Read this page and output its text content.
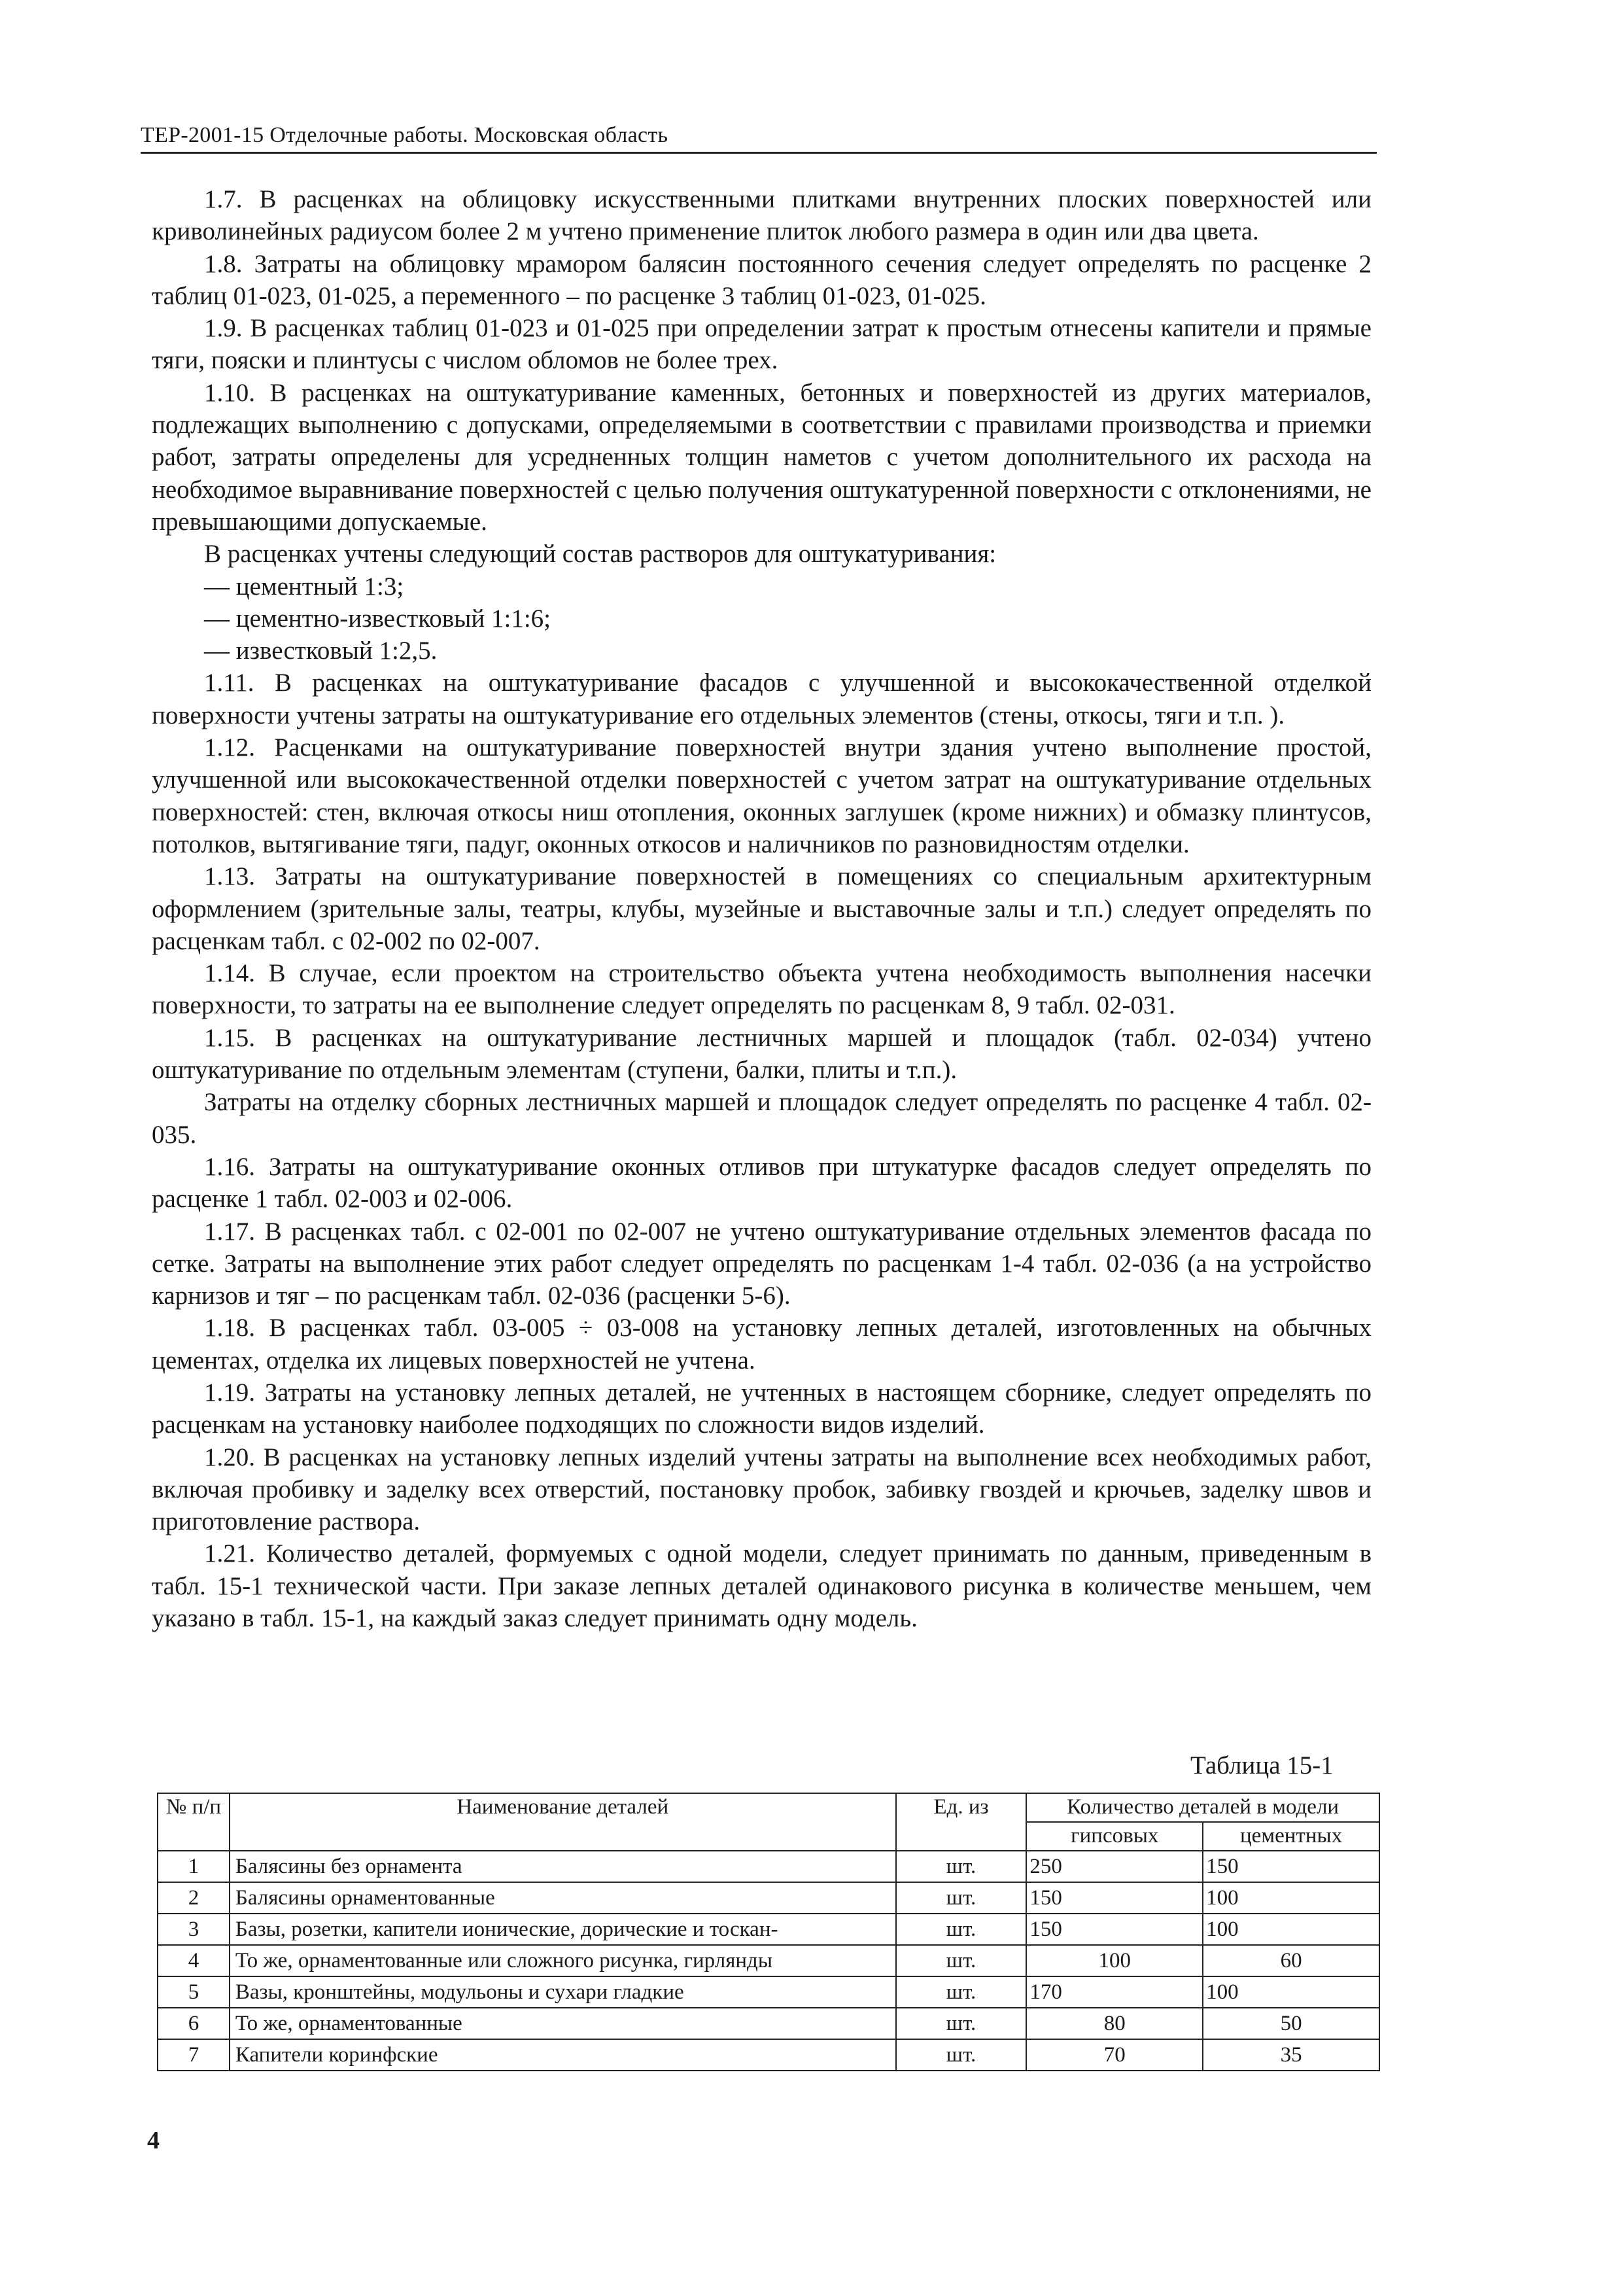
ТЕР-2001-15 Отделочные работы. Московская область

1.7. В расценках на облицовку искусственными плитками внутренних плоских поверхностей или криволинейных радиусом более 2 м учтено применение плиток любого размера в один или два цвета.

1.8. Затраты на облицовку мрамором балясин постоянного сечения следует определять по расценке 2 таблиц 01-023, 01-025, а переменного – по расценке 3 таблиц 01-023, 01-025.

1.9. В расценках таблиц 01-023 и 01-025 при определении затрат к простым отнесены капители и прямые тяги, пояски и плинтусы с числом обломов не более трех.

1.10. В расценках на оштукатуривание каменных, бетонных и поверхностей из других материалов, подлежащих выполнению с допусками, определяемыми в соответствии с правилами производства и приемки работ, затраты определены для усредненных толщин наметов с учетом дополнительного их расхода на необходимое выравнивание поверхностей с целью получения оштукатуренной поверхности с отклонениями, не превышающими допускаемые.

В расценках учтены следующий состав растворов для оштукатуривания:

— цементный 1:3;

— цементно-известковый 1:1:6;

— известковый 1:2,5.

1.11. В расценках на оштукатуривание фасадов с улучшенной и высококачественной отделкой поверхности учтены затраты на оштукатуривание его отдельных элементов (стены, откосы, тяги и т.п. ).

1.12. Расценками на оштукатуривание поверхностей внутри здания учтено выполнение простой, улучшенной или высококачественной отделки поверхностей с учетом затрат на оштукатуривание отдельных поверхностей: стен, включая откосы ниш отопления, оконных заглушек (кроме нижних) и обмазку плинтусов, потолков, вытягивание тяги, падуг, оконных откосов и наличников по разновидностям отделки.

1.13. Затраты на оштукатуривание поверхностей в помещениях со специальным архитектурным оформлением (зрительные залы, театры, клубы, музейные и выставочные залы и т.п.) следует определять по расценкам табл. с 02-002 по 02-007.

1.14. В случае, если проектом на строительство объекта учтена необходимость выполнения насечки поверхности, то затраты на ее выполнение следует определять по расценкам 8, 9 табл. 02-031.

1.15. В расценках на оштукатуривание лестничных маршей и площадок (табл. 02-034) учтено оштукатуривание по отдельным элементам (ступени, балки, плиты и т.п.).

Затраты на отделку сборных лестничных маршей и площадок следует определять по расценке 4 табл. 02-035.

1.16. Затраты на оштукатуривание оконных отливов при штукатурке фасадов следует определять по расценке 1 табл. 02-003 и 02-006.

1.17. В расценках табл. с 02-001 по 02-007 не учтено оштукатуривание отдельных элементов фасада по сетке. Затраты на выполнение этих работ следует определять по расценкам 1-4 табл. 02-036 (а на устройство карнизов и тяг – по расценкам табл. 02-036 (расценки 5-6).

1.18. В расценках табл. 03-005 ÷ 03-008 на установку лепных деталей, изготовленных на обычных цементах, отделка их лицевых поверхностей не учтена.

1.19. Затраты на установку лепных деталей, не учтенных в настоящем сборнике, следует определять по расценкам на установку наиболее подходящих по сложности видов изделий.

1.20. В расценках на установку лепных изделий учтены затраты на выполнение всех необходимых работ, включая пробивку и заделку всех отверстий, постановку пробок, забивку гвоздей и крючьев, заделку швов и приготовление раствора.

1.21. Количество деталей, формуемых с одной модели, следует принимать по данным, приведенным в табл. 15-1 технической части. При заказе лепных деталей одинакового рисунка в количестве меньшем, чем указано в табл. 15-1, на каждый заказ следует принимать одну модель.

Таблица 15-1
№ п/п	Наименование деталей	Ед. из	Количество деталей в модели	
			гипсовых	цементных
1	Балясины без орнамента	шт.	250	150
2	Балясины орнаментованные	шт.	150	100
3	Базы, розетки, капители ионические, дорические и тоскан-	шт.	150	100
4	То же, орнаментованные или сложного рисунка, гирлянды	шт.	100	60
5	Вазы, кронштейны, модульоны и сухари гладкие	шт.	170	100
6	То же, орнаментованные	шт.	80	50
7	Капители коринфские	шт.	70	35
4
